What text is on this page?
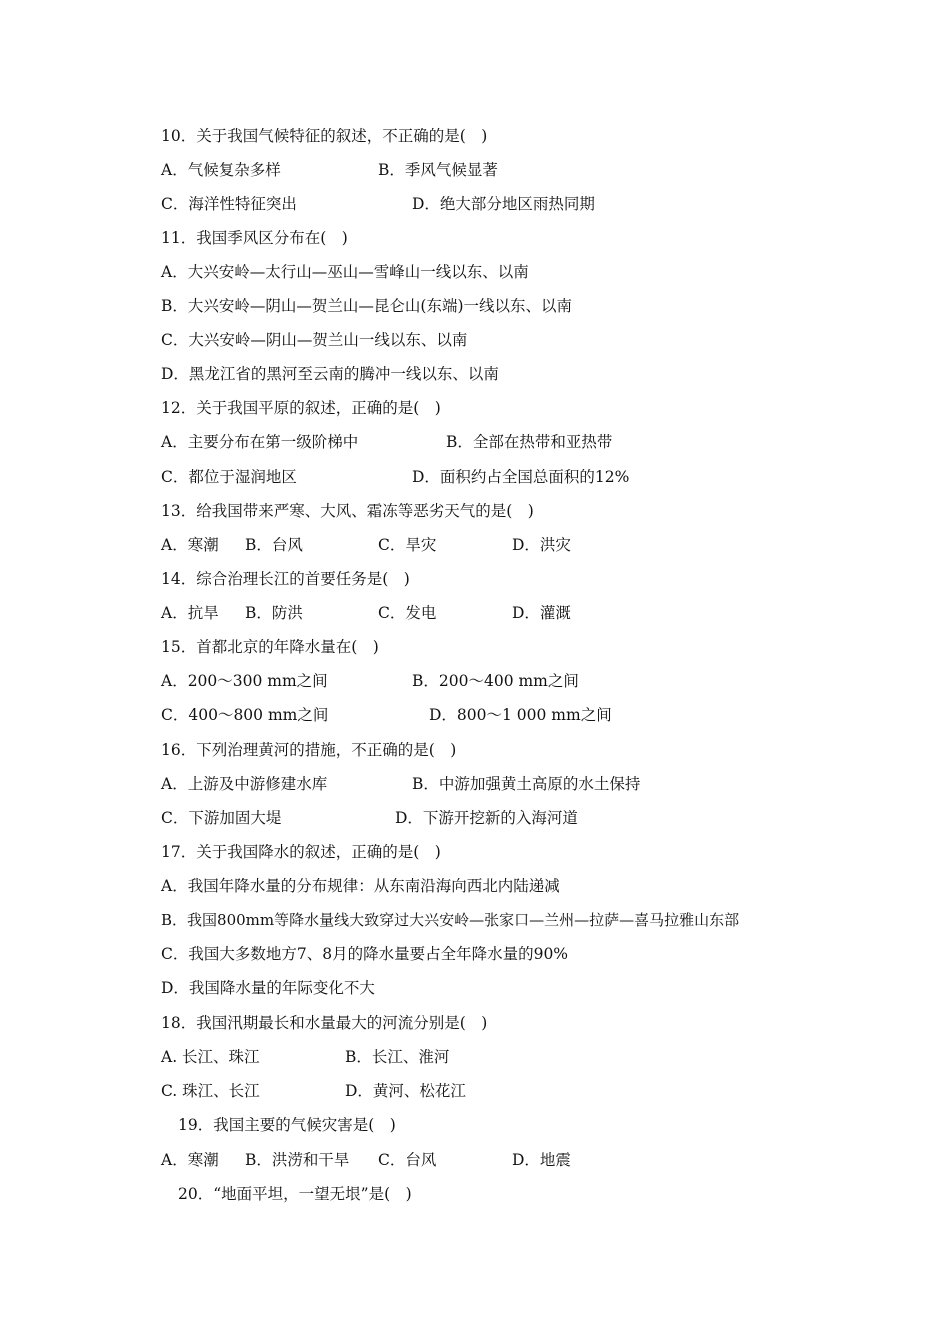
10．关于我国气候特征的叙述，不正确的是(　)
A．气候复杂多样	B．季风气候显著
C．海洋性特征突出	D．绝大部分地区雨热同期
11．我国季风区分布在(　)
A．大兴安岭—太行山—巫山—雪峰山一线以东、以南
B．大兴安岭—阴山—贺兰山—昆仑山(东端)一线以东、以南
C．大兴安岭—阴山—贺兰山一线以东、以南
D．黑龙江省的黑河至云南的腾冲一线以东、以南
12．关于我国平原的叙述，正确的是(　)
A．主要分布在第一级阶梯中	B．全部在热带和亚热带
C．都位于湿润地区	D．面积约占全国总面积的12%
13．给我国带来严寒、大风、霜冻等恶劣天气的是(　)
A．寒潮 B．台风	C．旱灾	D．洪灾
14．综合治理长江的首要任务是(　)
A．抗旱 B．防洪	C．发电	D．灌溉
15．首都北京的年降水量在(　)
A．200～300 mm之间	B．200～400 mm之间
C．400～800 mm之间	D．800～1 000 mm之间
16．下列治理黄河的措施，不正确的是(　)
A．上游及中游修建水库	B．中游加强黄土高原的水土保持
C．下游加固大堤	D．下游开挖新的入海河道
17．关于我国降水的叙述，正确的是(　)
A．我国年降水量的分布规律：从东南沿海向西北内陆递减
B．我国800mm等降水量线大致穿过大兴安岭—张家口—兰州—拉萨—喜马拉雅山东部
C．我国大多数地方7、8月的降水量要占全年降水量的90%
D．我国降水量的年际变化不大
18．我国汛期最长和水量最大的河流分别是(　)
A. 长江、珠江	B．长江、淮河
C. 珠江、长江	D．黄河、松花江
19．我国主要的气候灾害是(　)
A．寒潮 B．洪涝和干旱 C．台风	D．地震
20．“地面平坦，一望无垠”是(　)
